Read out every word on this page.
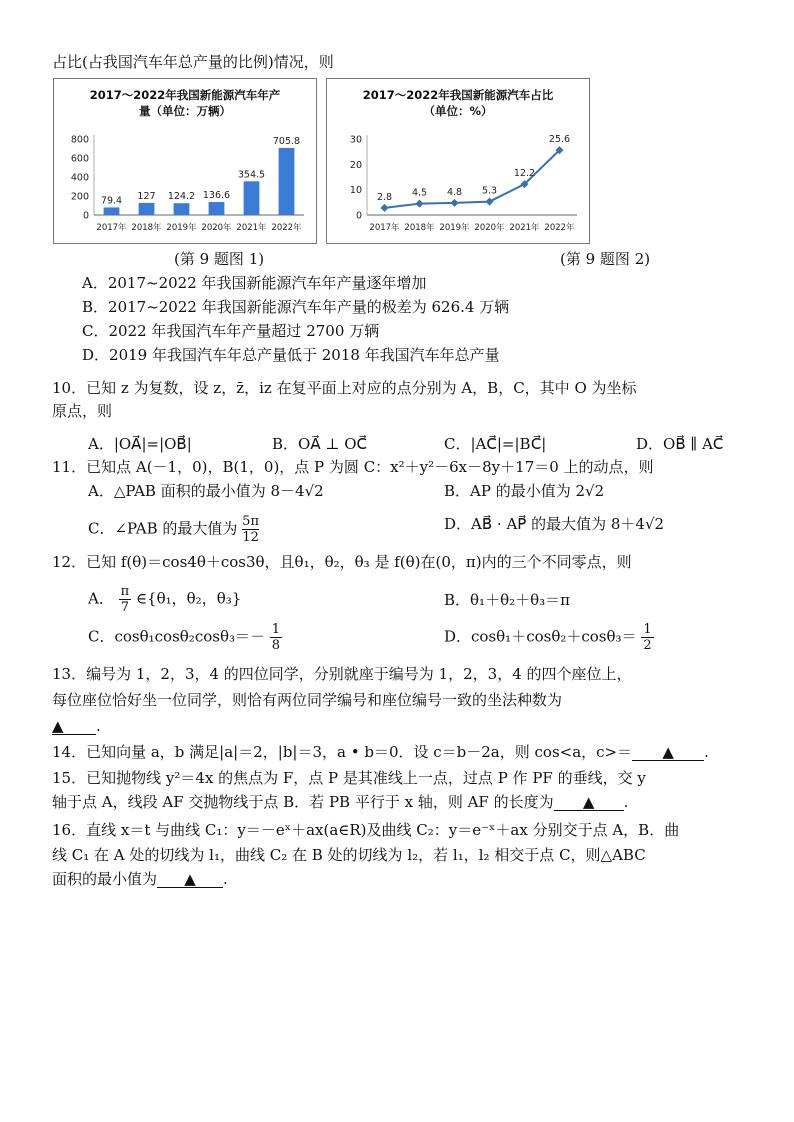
占比(占我国汽车年总产量的比例)情况，则
2017～2022年我国新能源汽车年产
量（单位：万辆）
0
200
400
600
800
2017年 2018年 2019年 2020年 2021年 2022年
79.4 127 124.2 136.6
354.5
705.8
2017～2022年我国新能源汽车占比
（单位：%）
0
10
20
30
2017年 2018年 2019年 2020年 2021年 2022年
2.8 4.5 4.8 5.3
12.2
25.6
(第 9 题图 1)	(第 9 题图 2)
A．2017~2022 年我国新能源汽车年产量逐年增加
B．2017~2022 年我国新能源汽车年产量的极差为 626.4 万辆
C．2022 年我国汽车年产量超过 2700 万辆
D．2019 年我国汽车年总产量低于 2018 年我国汽车年总产量
10．已知 z 为复数，设 z，z̄，iz 在复平面上对应的点分别为 A，B，C，其中 O 为坐标
原点，则
A．|OA⃗|=|OB⃗|	B．OA⃗ ⊥ OC⃗	C．|AC⃗|=|BC⃗|	D．OB⃗ ∥ AC⃗
11．已知点 A(－1，0)，B(1，0)，点 P 为圆 C：x²＋y²－6x－8y＋17＝0 上的动点，则
A．△PAB 面积的最小值为 8－4√2	B．AP 的最小值为 2√2
C．∠PAB 的最大值为 $\frac{5\pi}{12}$	D．AB⃗ · AP⃗ 的最大值为 8＋4√2
12．已知 f(θ)＝cos4θ＋cos3θ，且θ₁，θ₂，θ₃ 是 f(θ)在(0，π)内的三个不同零点，则
A． $\frac{\pi}{7}$ ∈{θ₁，θ₂，θ₃}	B．θ₁＋θ₂＋θ₃＝π
C．$\cos\theta_1\cos\theta_2\cos\theta_3=- \frac{1}{8}$	D．$\cos\theta_1+\cos\theta_2+\cos\theta_3= \frac{1}{2}$
13．编号为 1，2，3，4 的四位同学，分别就座于编号为 1，2，3，4 的四个座位上，
每位座位恰好坐一位同学，则恰有两位同学编号和座位编号一致的坐法种数为
▲ .
14．已知向量 a，b 满足|a|＝2，|b|＝3，a • b＝0．设 c＝b－2a，则 cos<a，c>＝ ▲ .
15．已知抛物线 y²＝4x 的焦点为 F，点 P 是其准线上一点，过点 P 作 PF 的垂线，交 y
轴于点 A，线段 AF 交抛物线于点 B．若 PB 平行于 x 轴，则 AF 的长度为 ▲ .
16．直线 x＝t 与曲线 C₁：y＝－eˣ＋ax(a∈R)及曲线 C₂：y＝e⁻ˣ＋ax 分别交于点 A，B．曲
线 C₁ 在 A 处的切线为 l₁，曲线 C₂ 在 B 处的切线为 l₂，若 l₁，l₂ 相交于点 C，则△ABC
面积的最小值为 ▲ .
